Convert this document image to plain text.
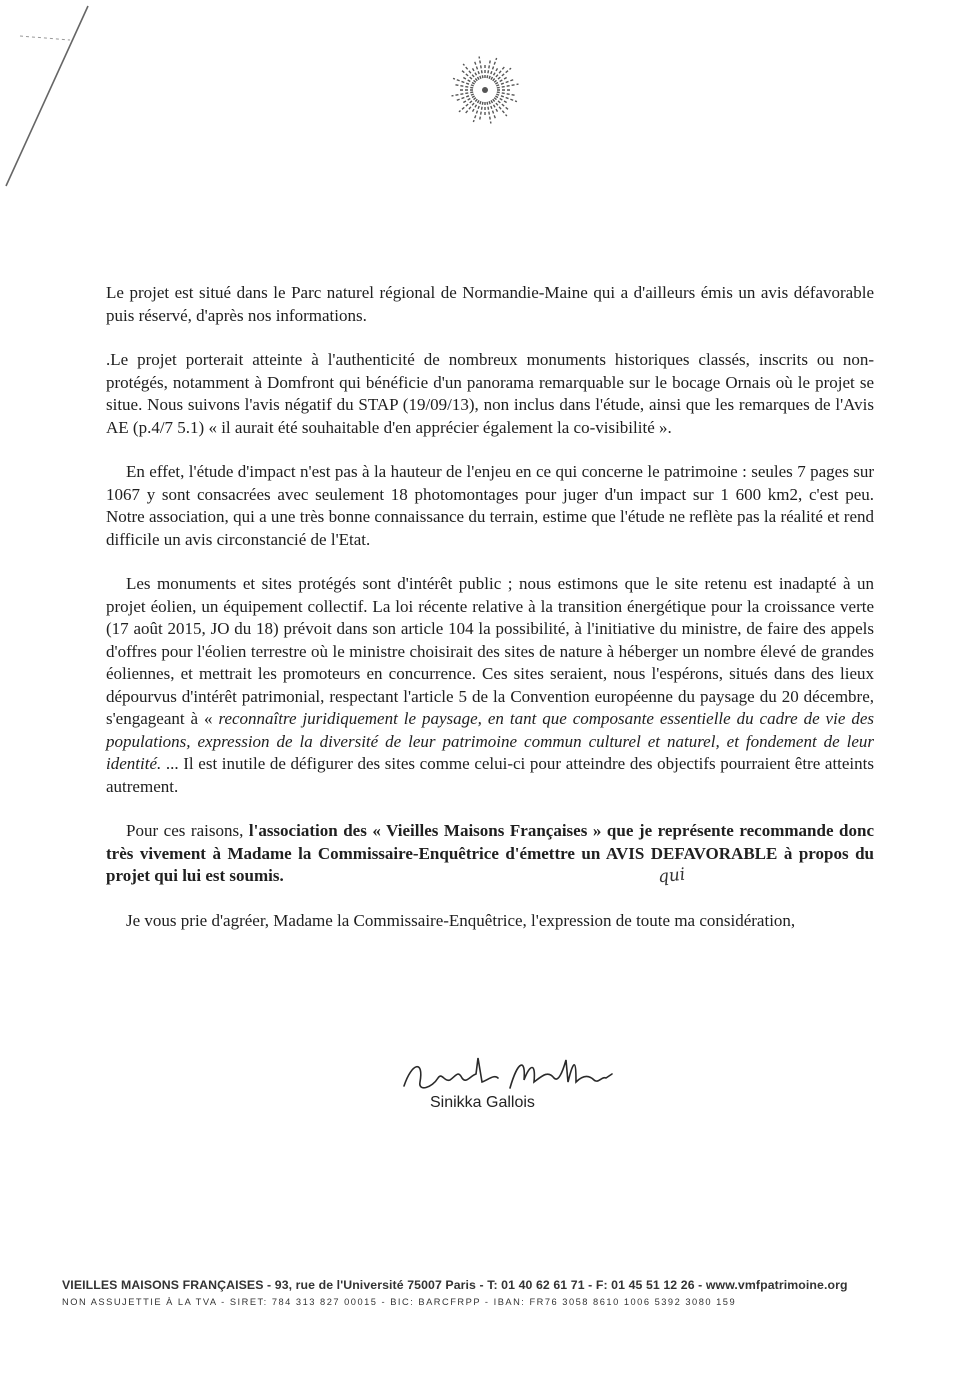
Le projet est situé dans le Parc naturel régional de Normandie-Maine qui a d'ailleurs émis un avis défavorable puis réservé, d'après nos informations.

.Le projet porterait atteinte à l'authenticité de nombreux monuments historiques classés, inscrits ou non-protégés, notamment à Domfront qui bénéficie d'un panorama remarquable sur le bocage Ornais où le projet se situe. Nous suivons l'avis négatif du STAP (19/09/13), non inclus dans l'étude, ainsi que les remarques de l'Avis AE (p.4/7 5.1) « il aurait été souhaitable d'en apprécier également la co-visibilité ».

En effet, l'étude d'impact n'est pas à la hauteur de l'enjeu en ce qui concerne le patrimoine : seules 7 pages sur 1067 y sont consacrées avec seulement 18 photomontages pour juger d'un impact sur 1 600 km2, c'est peu. Notre association, qui a une très bonne connaissance du terrain, estime que l'étude ne reflète pas la réalité et rend difficile un avis circonstancié de l'Etat.

Les monuments et sites protégés sont d'intérêt public ; nous estimons que le site retenu est inadapté à un projet éolien, un équipement collectif. La loi récente relative à la transition énergétique pour la croissance verte (17 août 2015, JO du 18) prévoit dans son article 104 la possibilité, à l'initiative du ministre, de faire des appels d'offres pour l'éolien terrestre où le ministre choisirait des sites de nature à héberger un nombre élevé de grandes éoliennes, et mettrait les promoteurs en concurrence. Ces sites seraient, nous l'espérons, situés dans des lieux dépourvus d'intérêt patrimonial, respectant l'article 5 de la Convention européenne du paysage du 20 décembre, s'engageant à « reconnaître juridiquement le paysage, en tant que composante essentielle du cadre de vie des populations, expression de la diversité de leur patrimoine commun culturel et naturel, et fondement de leur identité. ... Il est inutile de défigurer des sites comme celui-ci pour atteindre des objectifs pourraient être atteints autrement.

Pour ces raisons, l'association des « Vieilles Maisons Françaises » que je représente recommande donc très vivement à Madame la Commissaire-Enquêtrice d'émettre un AVIS DEFAVORABLE à propos du projet qui lui est soumis.

Je vous prie d'agréer, Madame la Commissaire-Enquêtrice, l'expression de toute ma considération,

qui
Sinikka Gallois
VIEILLES MAISONS FRANÇAISES - 93, rue de l'Université 75007 Paris - T: 01 40 62 61 71 - F: 01 45 51 12 26 - www.vmfpatrimoine.org
NON ASSUJETTIE À LA TVA - SIRET: 784 313 827 00015 - BIC: BARCFRPP - IBAN: FR76 3058 8610 1006 5392 3080 159
